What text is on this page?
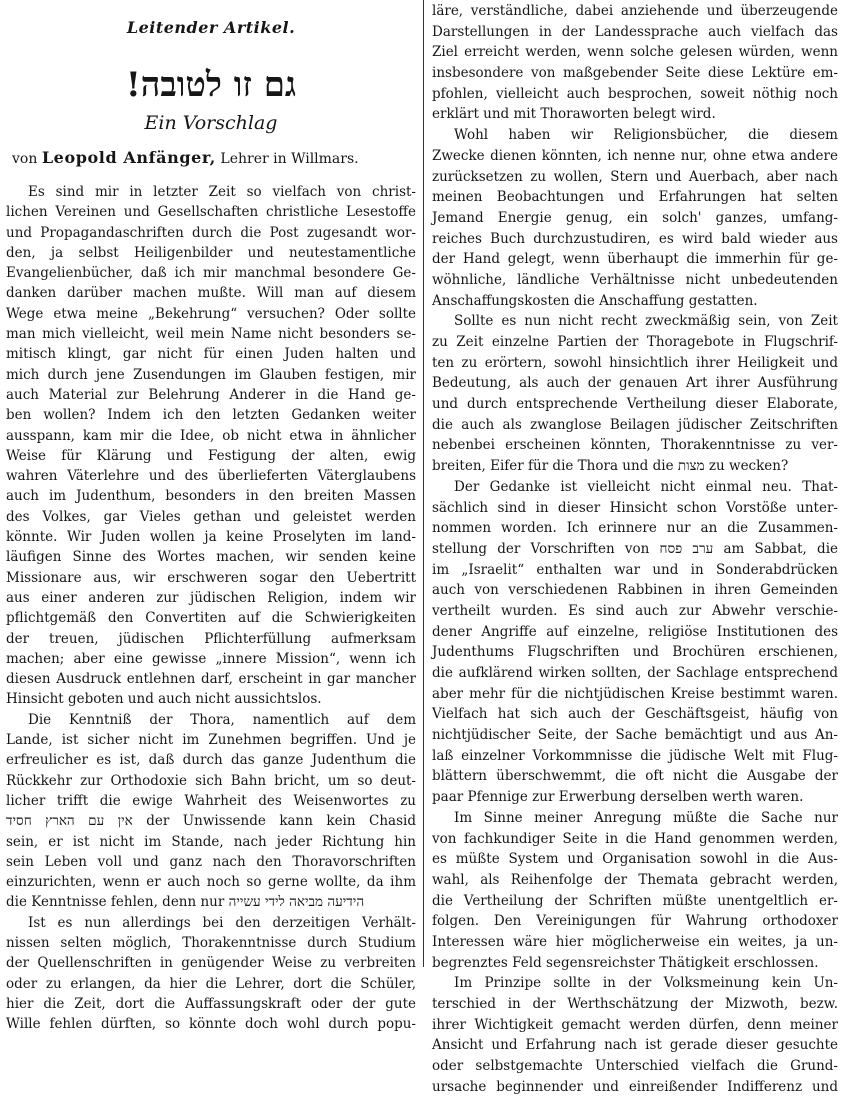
Leitender Artikel.
גם זו לטובה!
Ein Vorschlag
von Leopold Anfänger, Lehrer in Willmars.
Es sind mir in letzter Zeit so vielfach von christ-
lichen Vereinen und Gesellschaften christliche Lesestoffe
und Propagandaschriften durch die Post zugesandt wor-
den, ja selbst Heiligenbilder und neutestamentliche
Evangelienbücher, daß ich mir manchmal besondere Ge-
danken darüber machen mußte. Will man auf diesem
Wege etwa meine „Bekehrung“ versuchen? Oder sollte
man mich vielleicht, weil mein Name nicht besonders se-
mitisch klingt, gar nicht für einen Juden halten und
mich durch jene Zusendungen im Glauben festigen, mir
auch Material zur Belehrung Anderer in die Hand ge-
ben wollen? Indem ich den letzten Gedanken weiter
ausspann, kam mir die Idee, ob nicht etwa in ähnlicher
Weise für Klärung und Festigung der alten, ewig
wahren Väterlehre und des überlieferten Väterglaubens
auch im Judenthum, besonders in den breiten Massen
des Volkes, gar Vieles gethan und geleistet werden
könnte. Wir Juden wollen ja keine Proselyten im land-
läufigen Sinne des Wortes machen, wir senden keine
Missionare aus, wir erschweren sogar den Uebertritt
aus einer anderen zur jüdischen Religion, indem wir
pflichtgemäß den Convertiten auf die Schwierigkeiten
der treuen, jüdischen Pflichterfüllung aufmerksam
machen; aber eine gewisse „innere Mission“, wenn ich
diesen Ausdruck entlehnen darf, erscheint in gar mancher
Hinsicht geboten und auch nicht aussichtslos.
Die Kenntniß der Thora, namentlich auf dem
Lande, ist sicher nicht im Zunehmen begriffen. Und je
erfreulicher es ist, daß durch das ganze Judenthum die
Rückkehr zur Orthodoxie sich Bahn bricht, um so deut-
licher trifft die ewige Wahrheit des Weisenwortes zu
אין עם הארץ חסיד der Unwissende kann kein Chasid
sein, er ist nicht im Stande, nach jeder Richtung hin
sein Leben voll und ganz nach den Thoravorschriften
einzurichten, wenn er auch noch so gerne wollte, da ihm
die Kenntnisse fehlen, denn nur הידיעה מביאה לידי עשייה
Ist es nun allerdings bei den derzeitigen Verhält-
nissen selten möglich, Thorakenntnisse durch Studium
der Quellenschriften in genügender Weise zu verbreiten
oder zu erlangen, da hier die Lehrer, dort die Schüler,
hier die Zeit, dort die Auffassungskraft oder der gute
Wille fehlen dürften, so könnte doch wohl durch popu-
läre, verständliche, dabei anziehende und überzeugende
Darstellungen in der Landessprache auch vielfach das
Ziel erreicht werden, wenn solche gelesen würden, wenn
insbesondere von maßgebender Seite diese Lektüre em-
pfohlen, vielleicht auch besprochen, soweit nöthig noch
erklärt und mit Thoraworten belegt wird.
Wohl haben wir Religionsbücher, die diesem
Zwecke dienen könnten, ich nenne nur, ohne etwa andere
zurücksetzen zu wollen, Stern und Auerbach, aber nach
meinen Beobachtungen und Erfahrungen hat selten
Jemand Energie genug, ein solch' ganzes, umfang-
reiches Buch durchzustudiren, es wird bald wieder aus
der Hand gelegt, wenn überhaupt die immerhin für ge-
wöhnliche, ländliche Verhältnisse nicht unbedeutenden
Anschaffungskosten die Anschaffung gestatten.
Sollte es nun nicht recht zweckmäßig sein, von Zeit
zu Zeit einzelne Partien der Thoragebote in Flugschrif-
ten zu erörtern, sowohl hinsichtlich ihrer Heiligkeit und
Bedeutung, als auch der genauen Art ihrer Ausführung
und durch entsprechende Vertheilung dieser Elaborate,
die auch als zwanglose Beilagen jüdischer Zeitschriften
nebenbei erscheinen könnten, Thorakenntnisse zu ver-
breiten, Eifer für die Thora und die מצות zu wecken?
Der Gedanke ist vielleicht nicht einmal neu. That-
sächlich sind in dieser Hinsicht schon Vorstöße unter-
nommen worden. Ich erinnere nur an die Zusammen-
stellung der Vorschriften von ערב פסח am Sabbat, die
im „Israelit“ enthalten war und in Sonderabdrücken
auch von verschiedenen Rabbinen in ihren Gemeinden
vertheilt wurden. Es sind auch zur Abwehr verschie-
dener Angriffe auf einzelne, religiöse Institutionen des
Judenthums Flugschriften und Brochüren erschienen,
die aufklärend wirken sollten, der Sachlage entsprechend
aber mehr für die nichtjüdischen Kreise bestimmt waren.
Vielfach hat sich auch der Geschäftsgeist, häufig von
nichtjüdischer Seite, der Sache bemächtigt und aus An-
laß einzelner Vorkommnisse die jüdische Welt mit Flug-
blättern überschwemmt, die oft nicht die Ausgabe der
paar Pfennige zur Erwerbung derselben werth waren.
Im Sinne meiner Anregung müßte die Sache nur
von fachkundiger Seite in die Hand genommen werden,
es müßte System und Organisation sowohl in die Aus-
wahl, als Reihenfolge der Themata gebracht werden,
die Vertheilung der Schriften müßte unentgeltlich er-
folgen. Den Vereinigungen für Wahrung orthodoxer
Interessen wäre hier möglicherweise ein weites, ja un-
begrenztes Feld segensreichster Thätigkeit erschlossen.
Im Prinzipe sollte in der Volksmeinung kein Un-
terschied in der Werthschätzung der Mizwoth, bezw.
ihrer Wichtigkeit gemacht werden dürfen, denn meiner
Ansicht und Erfahrung nach ist gerade dieser gesuchte
oder selbstgemachte Unterschied vielfach die Grund-
ursache beginnender und einreißender Indifferenz und
